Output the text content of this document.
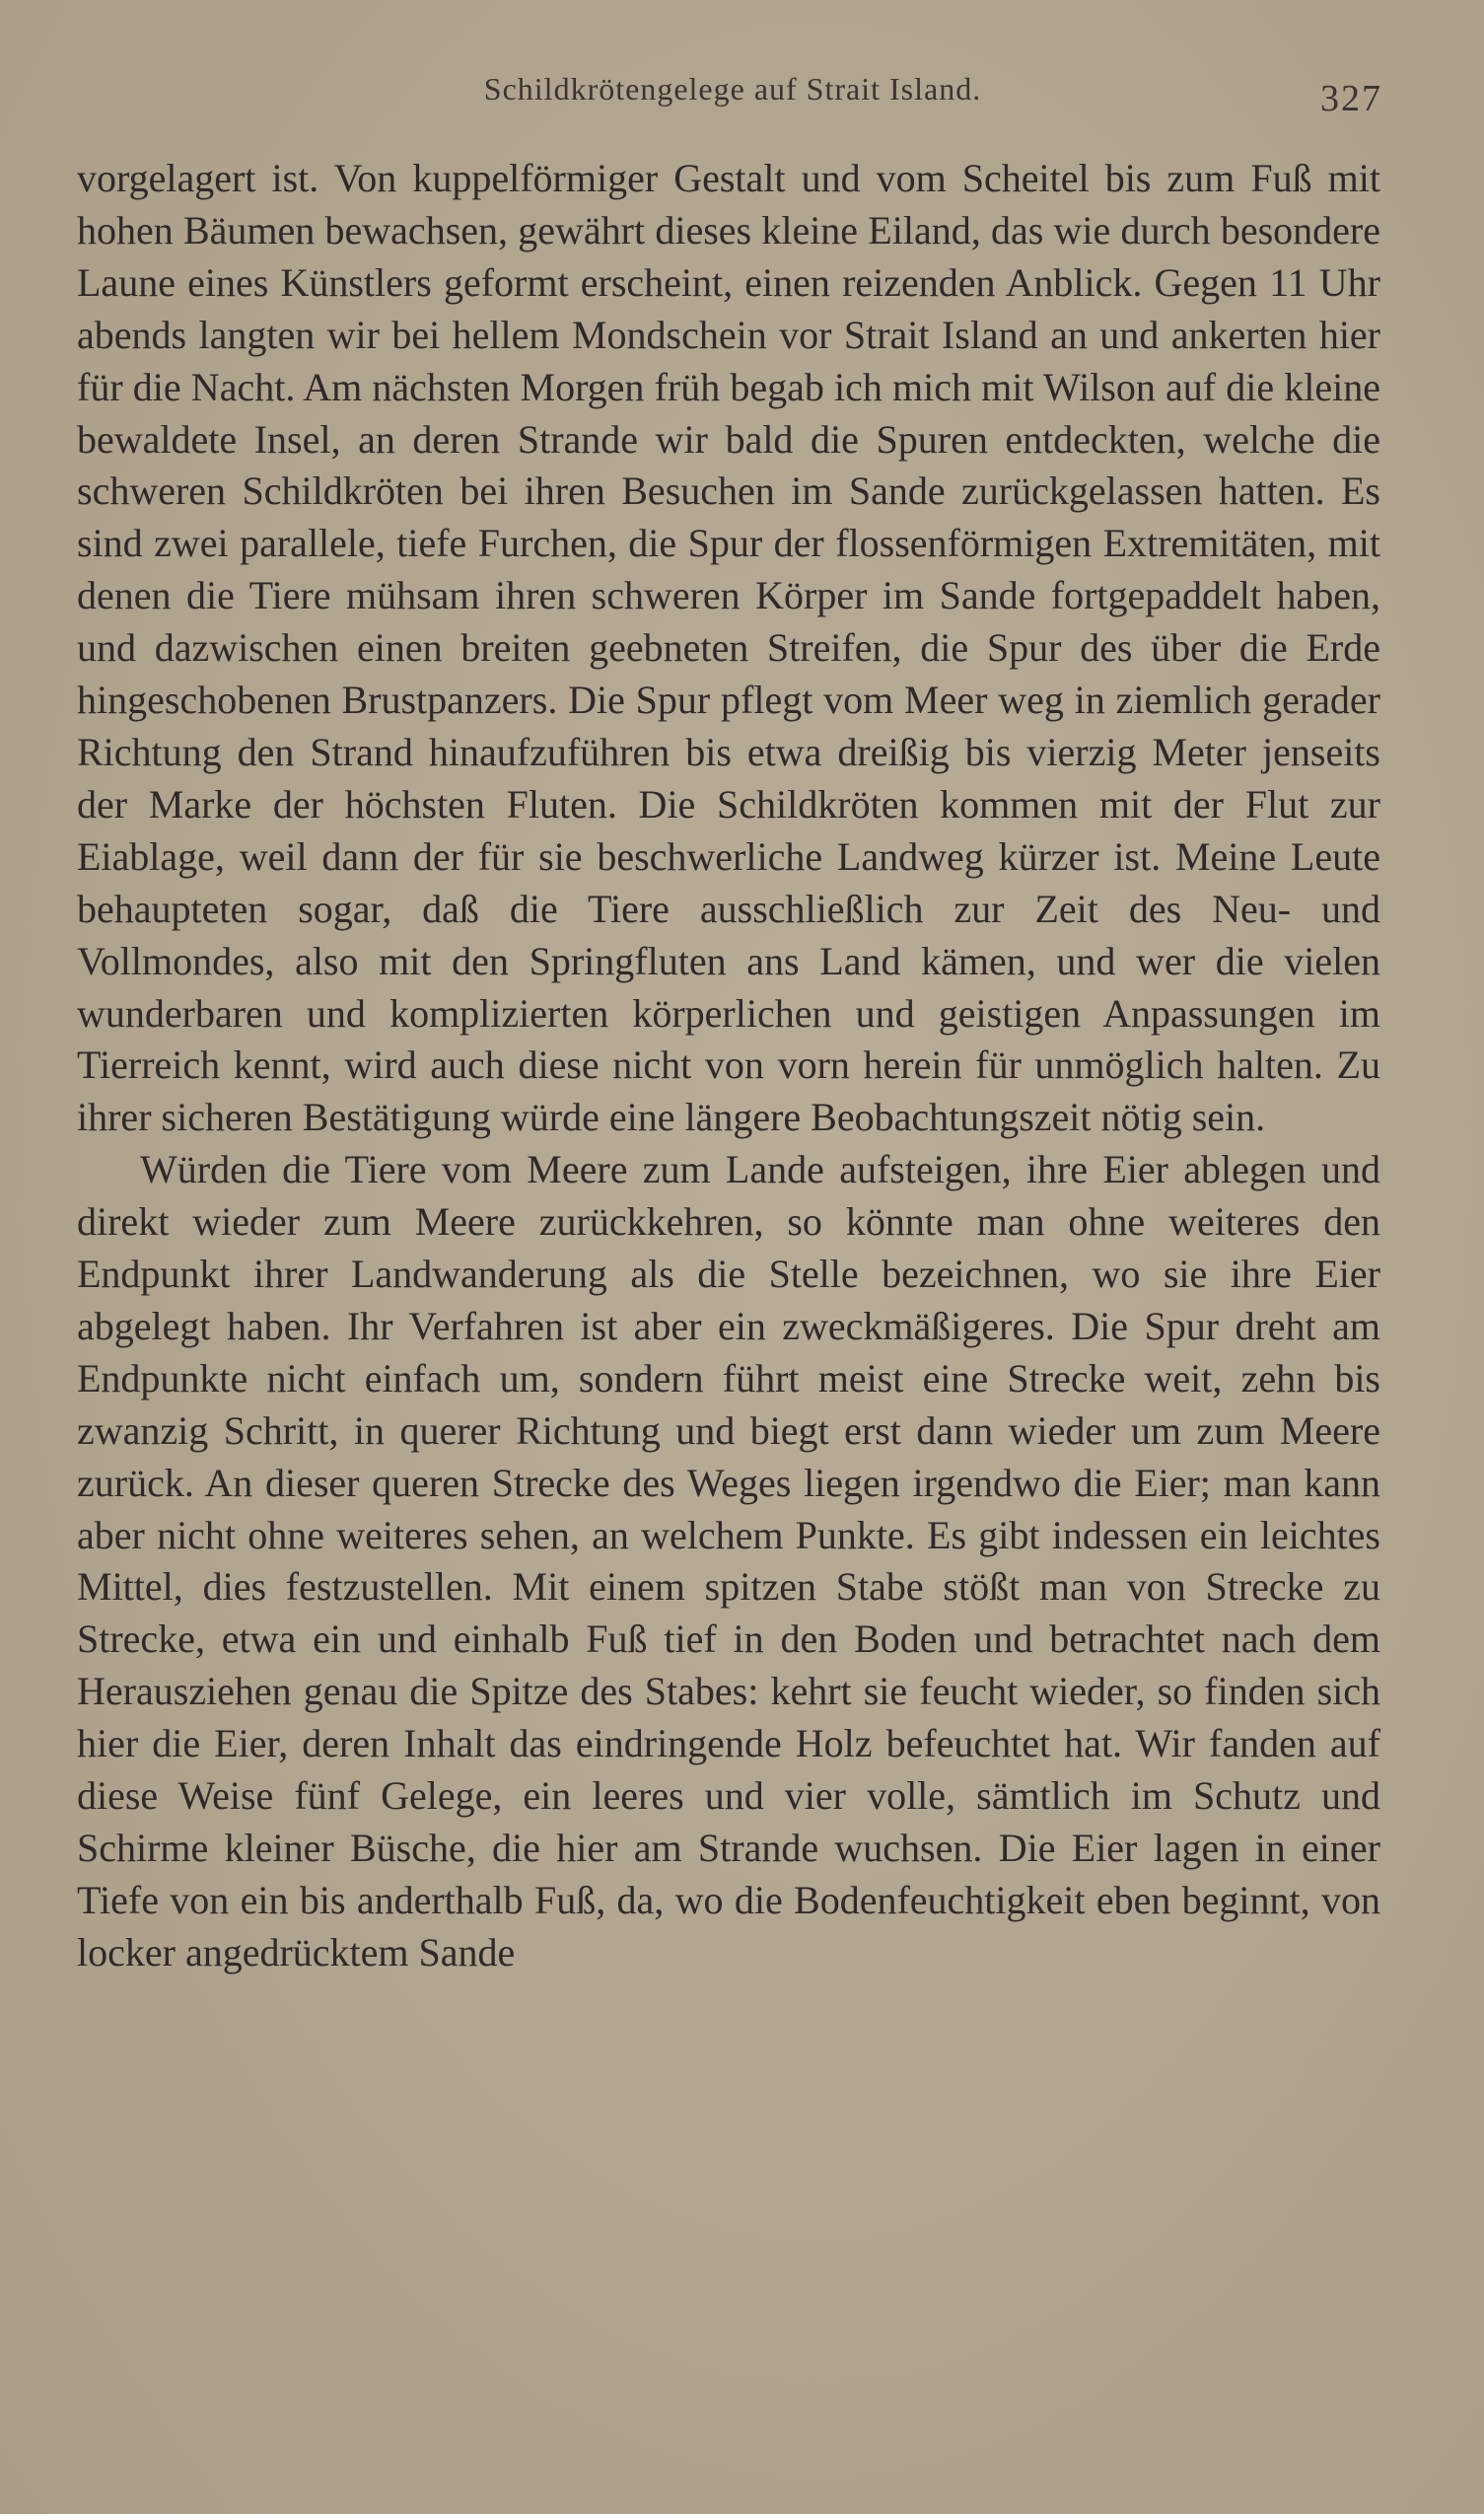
Schildkrötengelege auf Strait Island.	327

vorgelagert ist. Von kuppelförmiger Gestalt und vom Scheitel bis zum Fuß mit hohen Bäumen bewachsen, gewährt dieses kleine Eiland, das wie durch besondere Laune eines Künstlers geformt erscheint, einen reizenden Anblick. Gegen 11 Uhr abends langten wir bei hellem Mondschein vor Strait Island an und ankerten hier für die Nacht. Am nächsten Morgen früh begab ich mich mit Wilson auf die kleine bewaldete Insel, an deren Strande wir bald die Spuren entdeckten, welche die schweren Schildkröten bei ihren Besuchen im Sande zurückgelassen hatten. Es sind zwei parallele, tiefe Furchen, die Spur der flossenförmigen Extremitäten, mit denen die Tiere mühsam ihren schweren Körper im Sande fortgepaddelt haben, und dazwischen einen breiten geebneten Streifen, die Spur des über die Erde hingeschobenen Brustpanzers. Die Spur pflegt vom Meer weg in ziemlich gerader Richtung den Strand hinaufzuführen bis etwa dreißig bis vierzig Meter jenseits der Marke der höchsten Fluten. Die Schildkröten kommen mit der Flut zur Eiablage, weil dann der für sie beschwerliche Landweg kürzer ist. Meine Leute behaupteten sogar, daß die Tiere ausschließlich zur Zeit des Neu- und Vollmondes, also mit den Springfluten ans Land kämen, und wer die vielen wunderbaren und komplizierten körperlichen und geistigen Anpassungen im Tierreich kennt, wird auch diese nicht von vorn herein für unmöglich halten. Zu ihrer sicheren Bestätigung würde eine längere Beobachtungszeit nötig sein.

Würden die Tiere vom Meere zum Lande aufsteigen, ihre Eier ablegen und direkt wieder zum Meere zurückkehren, so könnte man ohne weiteres den Endpunkt ihrer Landwanderung als die Stelle bezeichnen, wo sie ihre Eier abgelegt haben. Ihr Verfahren ist aber ein zweckmäßigeres. Die Spur dreht am Endpunkte nicht einfach um, sondern führt meist eine Strecke weit, zehn bis zwanzig Schritt, in querer Richtung und biegt erst dann wieder um zum Meere zurück. An dieser queren Strecke des Weges liegen irgendwo die Eier; man kann aber nicht ohne weiteres sehen, an welchem Punkte. Es gibt indessen ein leichtes Mittel, dies festzustellen. Mit einem spitzen Stabe stößt man von Strecke zu Strecke, etwa ein und einhalb Fuß tief in den Boden und betrachtet nach dem Herausziehen genau die Spitze des Stabes: kehrt sie feucht wieder, so finden sich hier die Eier, deren Inhalt das eindringende Holz befeuchtet hat. Wir fanden auf diese Weise fünf Gelege, ein leeres und vier volle, sämtlich im Schutz und Schirme kleiner Büsche, die hier am Strande wuchsen. Die Eier lagen in einer Tiefe von ein bis anderthalb Fuß, da, wo die Bodenfeuchtigkeit eben beginnt, von locker angedrücktem Sande
